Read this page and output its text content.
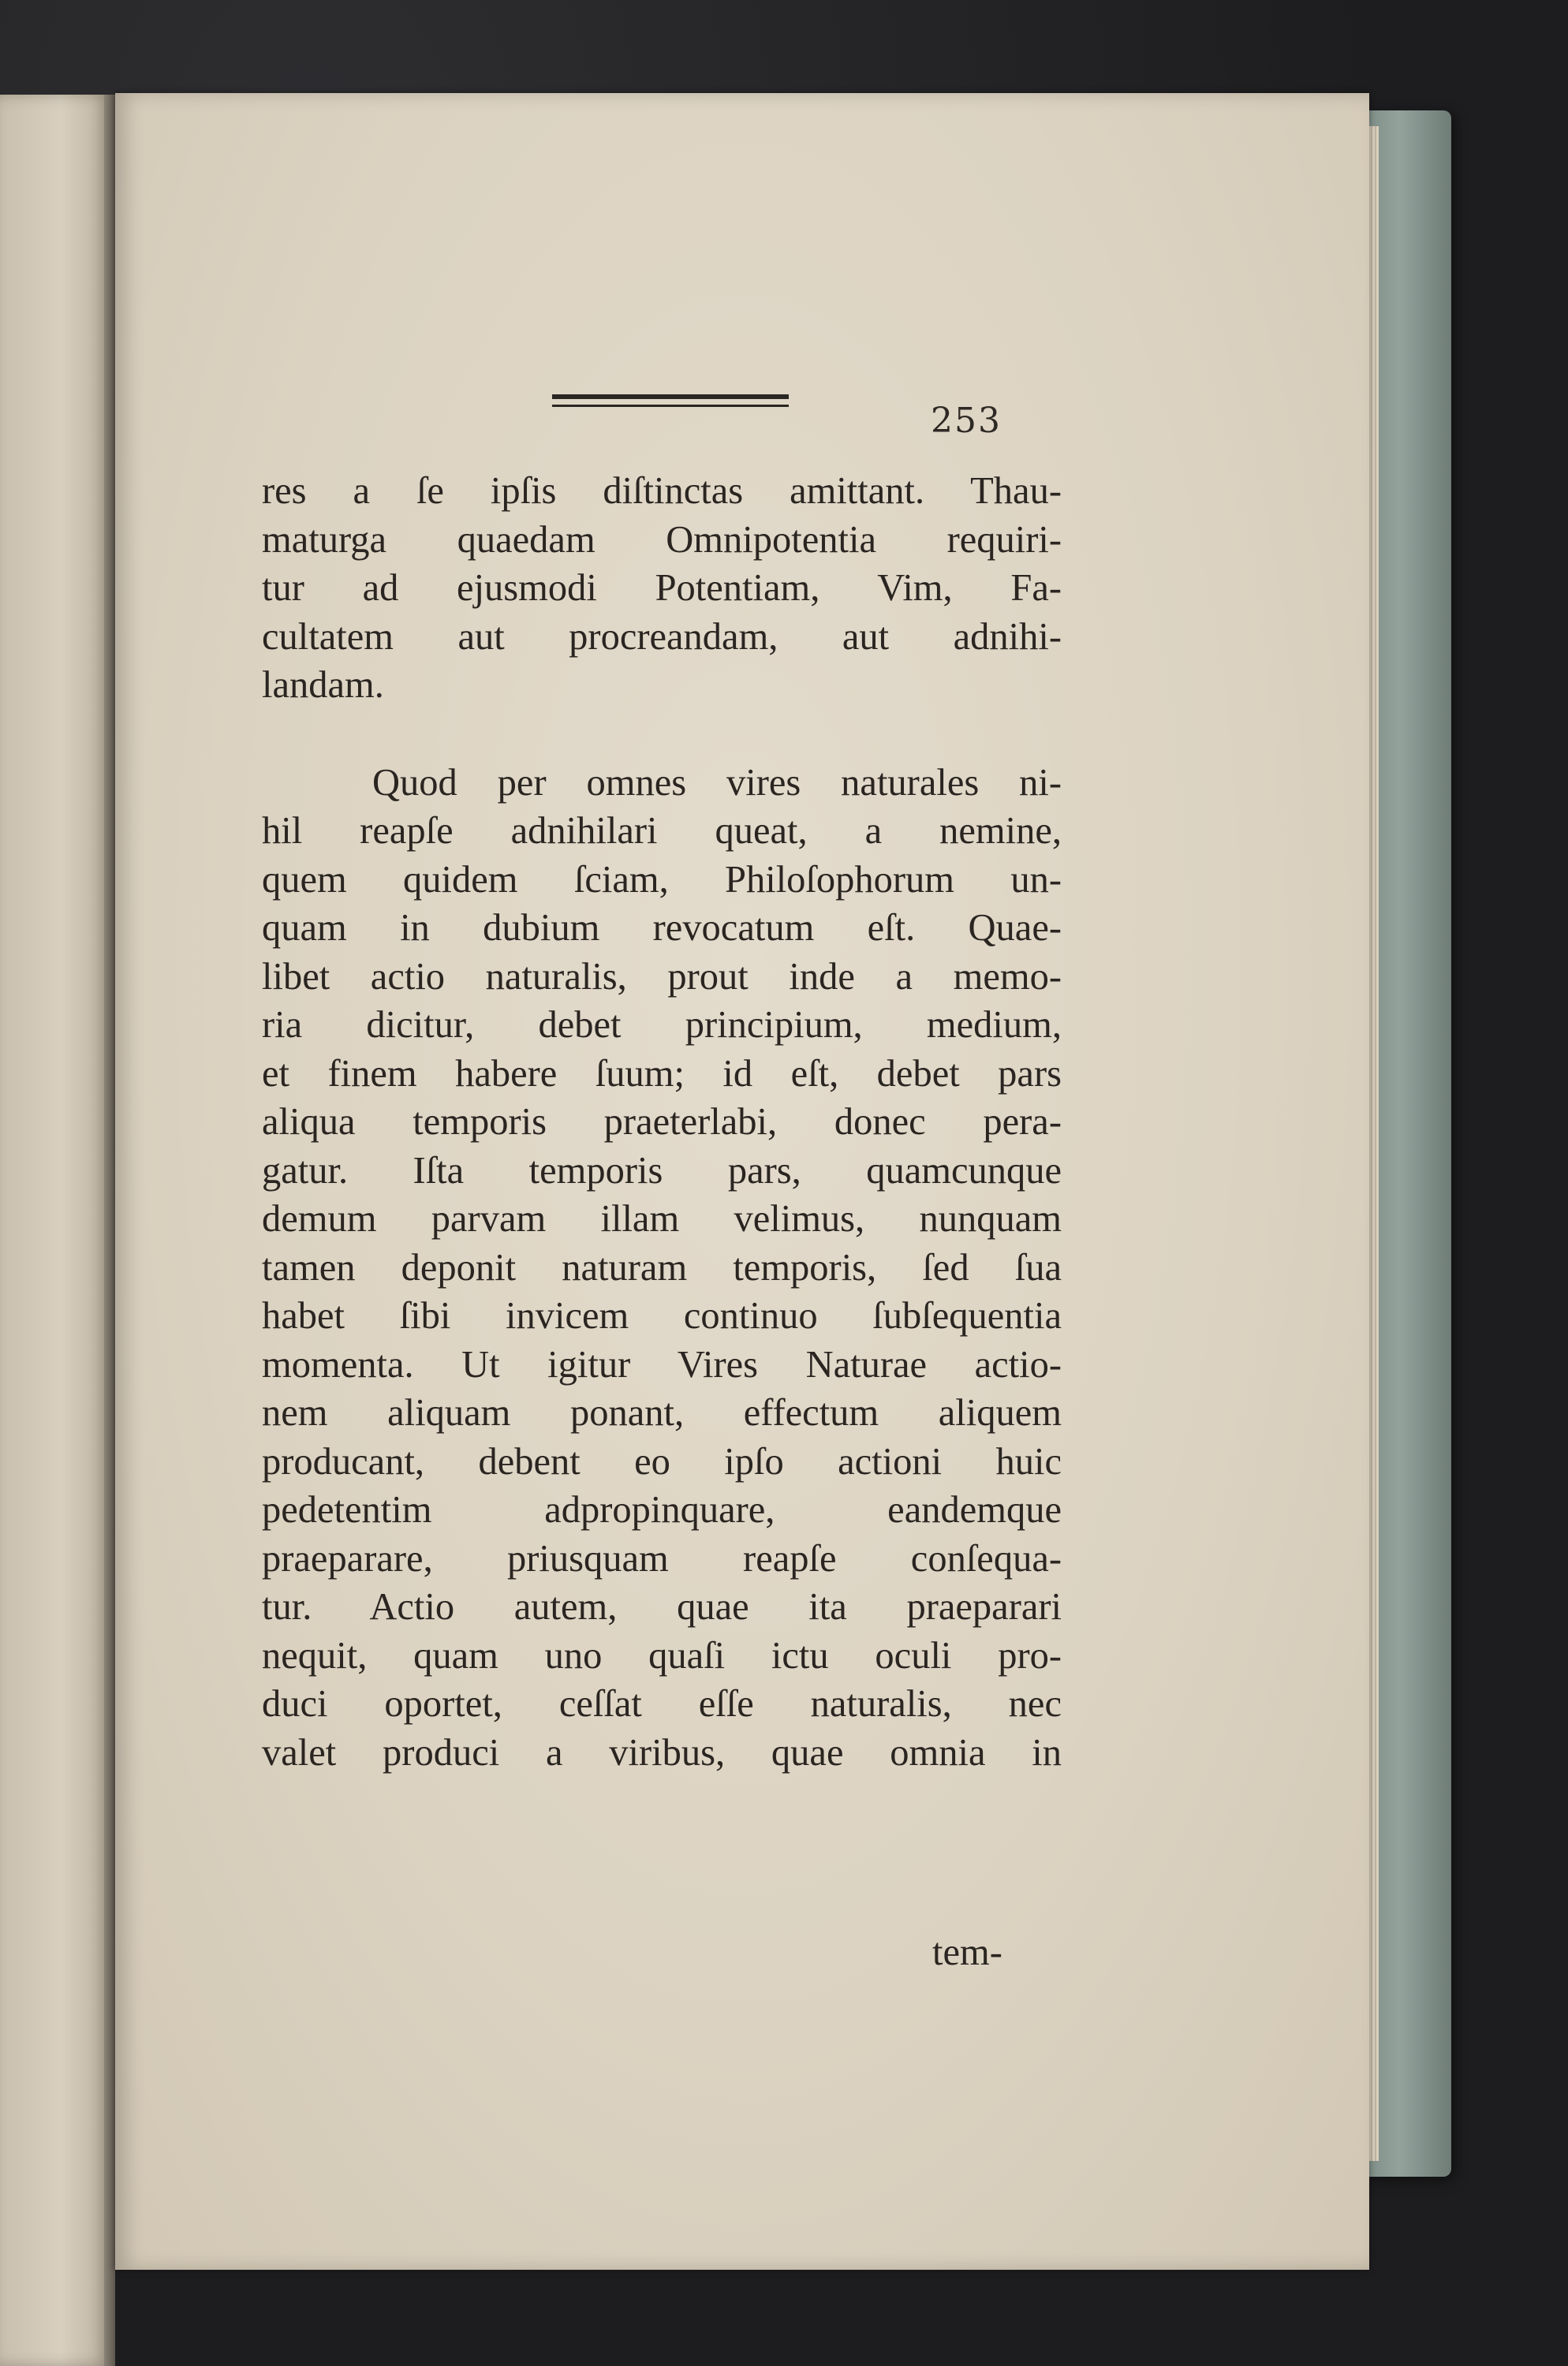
253
res a ſe ipſis diſtinctas amittant. Thau-
maturga quaedam Omnipotentia requiri-
tur ad ejusmodi Potentiam, Vim, Fa-
cultatem aut procreandam, aut adnihi-
landam.
Quod per omnes vires naturales ni-
hil reapſe adnihilari queat, a nemine,
quem quidem ſciam, Philoſophorum un-
quam in dubium revocatum eſt. Quae-
libet actio naturalis, prout inde a memo-
ria dicitur, debet principium, medium,
et finem habere ſuum; id eſt, debet pars
aliqua temporis praeterlabi, donec pera-
gatur. Iſta temporis pars, quamcunque
demum parvam illam velimus, nunquam
tamen deponit naturam temporis, ſed ſua
habet ſibi invicem continuo ſubſequentia
momenta. Ut igitur Vires Naturae actio-
nem aliquam ponant, effectum aliquem
producant, debent eo ipſo actioni huic
pedetentim adpropinquare, eandemque
praeparare, priusquam reapſe conſequa-
tur. Actio autem, quae ita praeparari
nequit, quam uno quaſi ictu oculi pro-
duci oportet, ceſſat eſſe naturalis, nec
valet produci a viribus, quae omnia in
tem-
